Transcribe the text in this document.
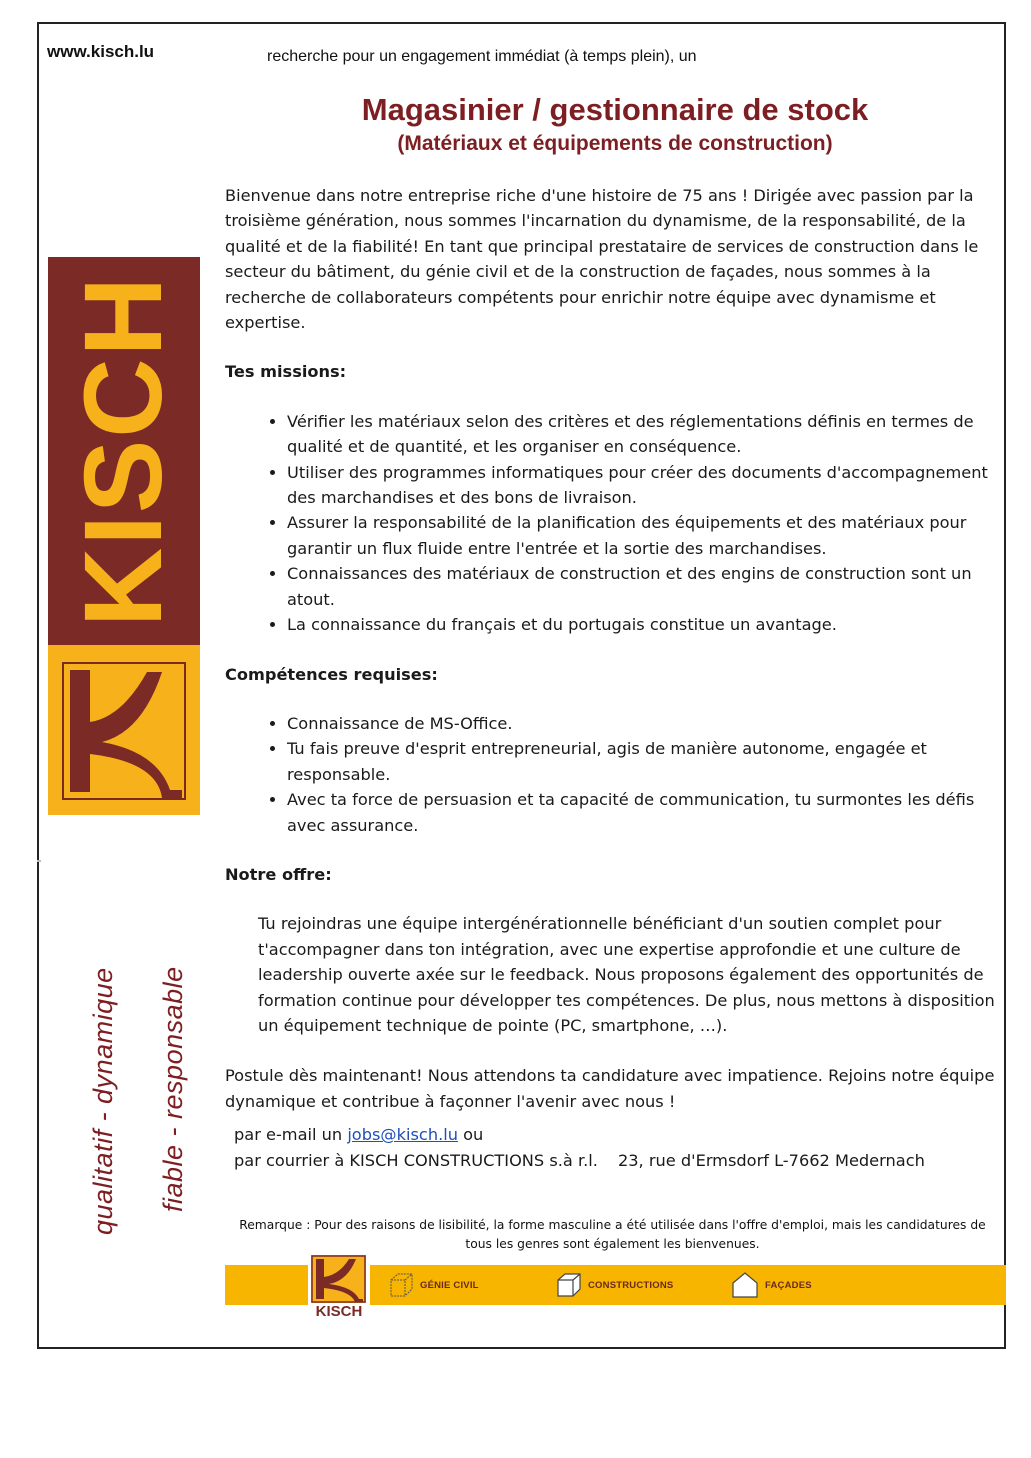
www.kisch.lu	recherche pour un engagement immédiat (à temps plein), un
Magasinier / gestionnaire de stock
(Matériaux et équipements de construction)
KISCH
qualitatif - dynamique fiable - responsable

Bienvenue dans notre entreprise riche d'une histoire de 75 ans ! Dirigée avec passion par la troisième génération, nous sommes l'incarnation du dynamisme, de la responsabilité, de la qualité et de la fiabilité! En tant que principal prestataire de services de construction dans le secteur du bâtiment, du génie civil et de la construction de façades, nous sommes à la recherche de collaborateurs compétents pour enrichir notre équipe avec dynamisme et expertise.

Tes missions:

• Vérifier les matériaux selon des critères et des réglementations définis en termes de qualité et de quantité, et les organiser en conséquence.
• Utiliser des programmes informatiques pour créer des documents d'accompagnement des marchandises et des bons de livraison.
• Assurer la responsabilité de la planification des équipements et des matériaux pour garantir un flux fluide entre l'entrée et la sortie des marchandises.
• Connaissances des matériaux de construction et des engins de construction sont un atout.
• La connaissance du français et du portugais constitue un avantage.

Compétences requises:

• Connaissance de MS-Office.
• Tu fais preuve d'esprit entrepreneurial, agis de manière autonome, engagée et responsable.
• Avec ta force de persuasion et ta capacité de communication, tu surmontes les défis avec assurance.

Notre offre:

Tu rejoindras une équipe intergénérationnelle bénéficiant d'un soutien complet pour t'accompagner dans ton intégration, avec une expertise approfondie et une culture de leadership ouverte axée sur le feedback. Nous proposons également des opportunités de formation continue pour développer tes compétences. De plus, nous mettons à disposition un équipement technique de pointe (PC, smartphone, …).

Postule dès maintenant! Nous attendons ta candidature avec impatience. Rejoins notre équipe dynamique et contribue à façonner l'avenir avec nous !

par e-mail un jobs@kisch.lu ou
par courrier à KISCH CONSTRUCTIONS s.à r.l. 23, rue d'Ermsdorf L-7662 Medernach

Remarque : Pour des raisons de lisibilité, la forme masculine a été utilisée dans l'offre d'emploi, mais les candidatures de tous les genres sont également les bienvenues.
KISCH
GÉNIE CIVIL	CONSTRUCTIONS	FAÇADES
